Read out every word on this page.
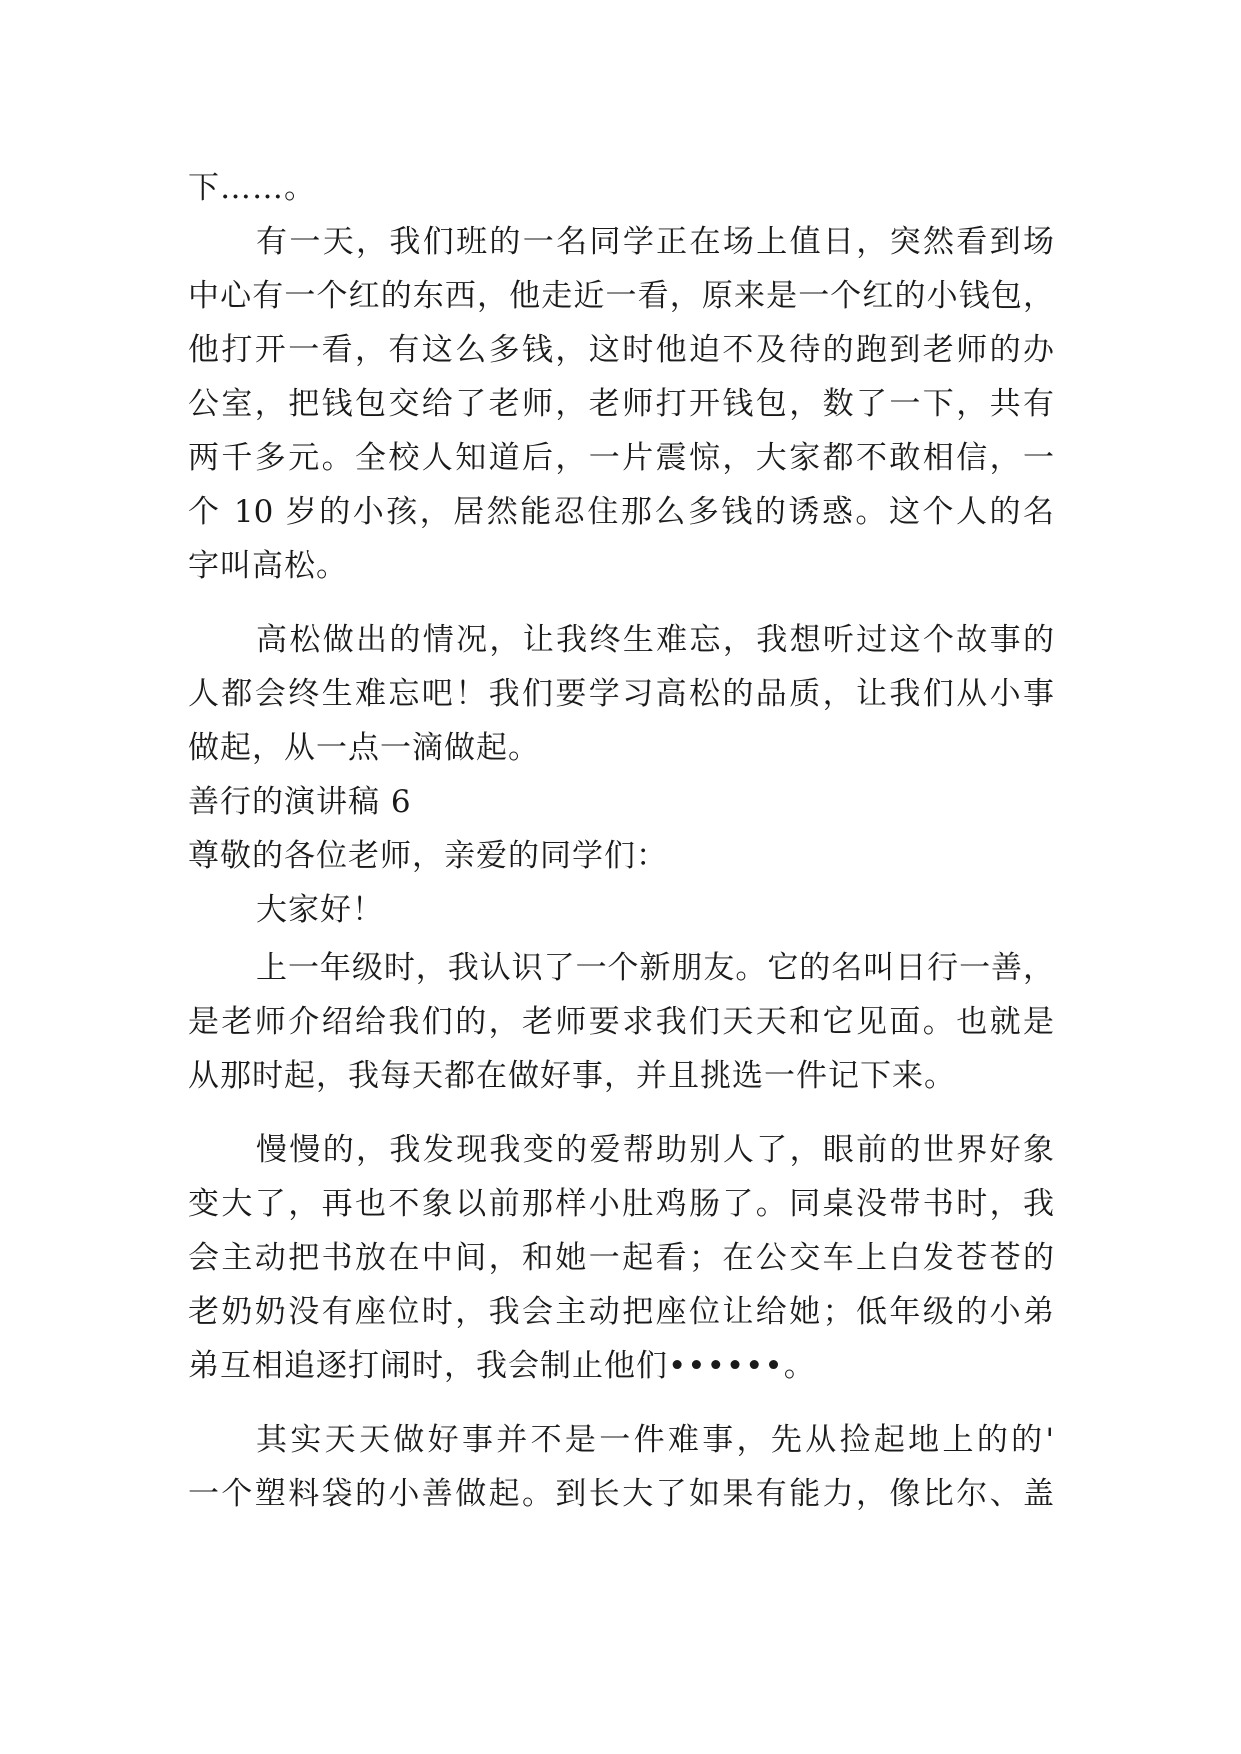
下……。
有一天，我们班的一名同学正在场上值日，突然看到场
中心有一个红的东西，他走近一看，原来是一个红的小钱包，
他打开一看，有这么多钱，这时他迫不及待的跑到老师的办
公室，把钱包交给了老师，老师打开钱包，数了一下，共有
两千多元。全校人知道后，一片震惊，大家都不敢相信，一
个 10 岁的小孩，居然能忍住那么多钱的诱惑。这个人的名
字叫高松。
高松做出的情况，让我终生难忘，我想听过这个故事的
人都会终生难忘吧！我们要学习高松的品质，让我们从小事
做起，从一点一滴做起。
善行的演讲稿 6
尊敬的各位老师，亲爱的同学们：
大家好！
上一年级时，我认识了一个新朋友。它的名叫日行一善，
是老师介绍给我们的，老师要求我们天天和它见面。也就是
从那时起，我每天都在做好事，并且挑选一件记下来。
慢慢的，我发现我变的爱帮助别人了，眼前的世界好象
变大了，再也不象以前那样小肚鸡肠了。同桌没带书时，我
会主动把书放在中间，和她一起看；在公交车上白发苍苍的
老奶奶没有座位时，我会主动把座位让给她；低年级的小弟
弟互相追逐打闹时，我会制止他们••••••。
其实天天做好事并不是一件难事，先从捡起地上的的'
一个塑料袋的小善做起。到长大了如果有能力，像比尔、盖
